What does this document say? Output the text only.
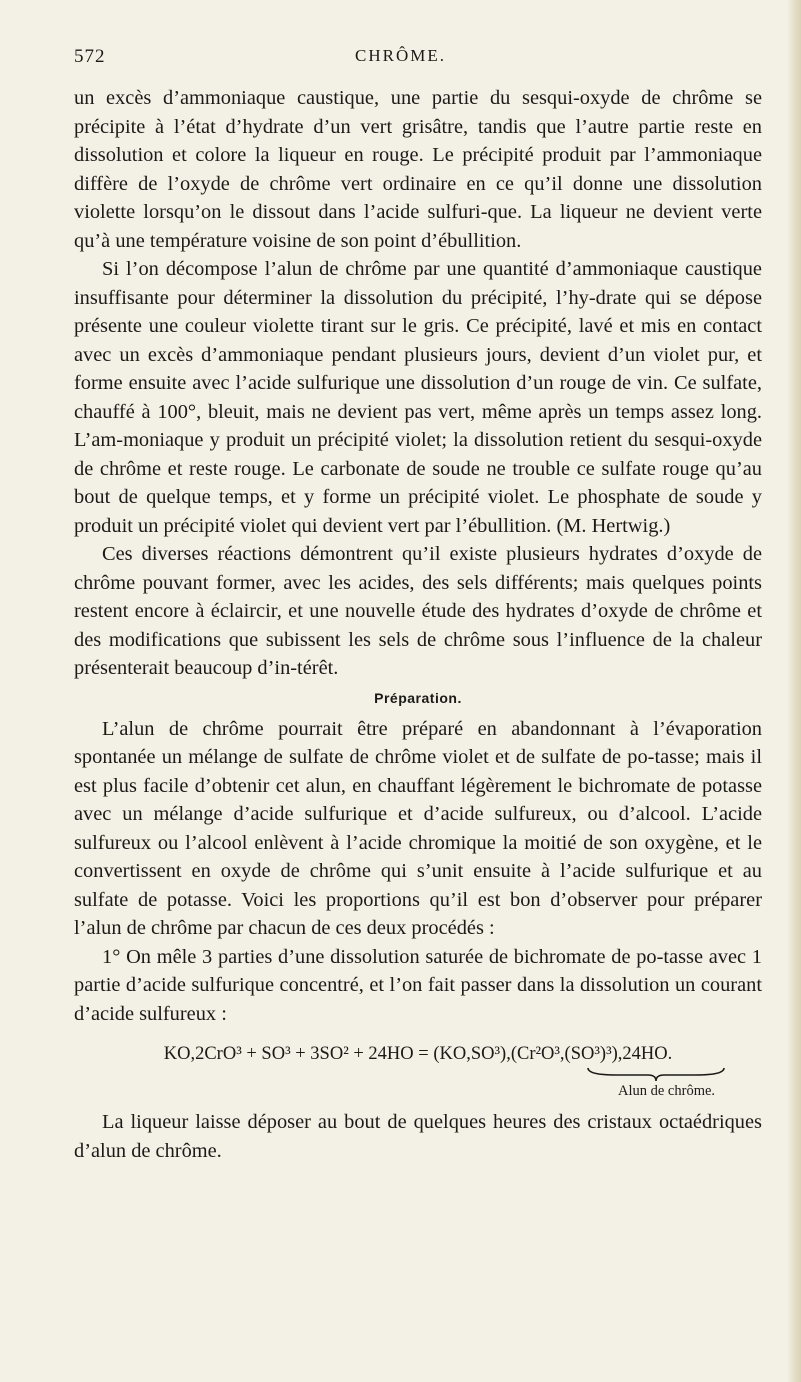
572	CHRÔME.

un excès d’ammoniaque caustique, une partie du sesqui-oxyde de chrôme se précipite à l’état d’hydrate d’un vert grisâtre, tandis que l’autre partie reste en dissolution et colore la liqueur en rouge. Le précipité produit par l’ammoniaque diffère de l’oxyde de chrôme vert ordinaire en ce qu’il donne une dissolution violette lorsqu’on le dissout dans l’acide sulfuri-que. La liqueur ne devient verte qu’à une température voisine de son point d’ébullition.

Si l’on décompose l’alun de chrôme par une quantité d’ammoniaque caustique insuffisante pour déterminer la dissolution du précipité, l’hy-drate qui se dépose présente une couleur violette tirant sur le gris. Ce précipité, lavé et mis en contact avec un excès d’ammoniaque pendant plusieurs jours, devient d’un violet pur, et forme ensuite avec l’acide sulfurique une dissolution d’un rouge de vin. Ce sulfate, chauffé à 100°, bleuit, mais ne devient pas vert, même après un temps assez long. L’am-moniaque y produit un précipité violet; la dissolution retient du sesqui-oxyde de chrôme et reste rouge. Le carbonate de soude ne trouble ce sulfate rouge qu’au bout de quelque temps, et y forme un précipité violet. Le phosphate de soude y produit un précipité violet qui devient vert par l’ébullition. (M. Hertwig.)

Ces diverses réactions démontrent qu’il existe plusieurs hydrates d’oxyde de chrôme pouvant former, avec les acides, des sels différents; mais quelques points restent encore à éclaircir, et une nouvelle étude des hydrates d’oxyde de chrôme et des modifications que subissent les sels de chrôme sous l’influence de la chaleur présenterait beaucoup d’in-térêt.

Préparation.

L’alun de chrôme pourrait être préparé en abandonnant à l’évaporation spontanée un mélange de sulfate de chrôme violet et de sulfate de po-tasse; mais il est plus facile d’obtenir cet alun, en chauffant légèrement le bichromate de potasse avec un mélange d’acide sulfurique et d’acide sulfureux, ou d’alcool. L’acide sulfureux ou l’alcool enlèvent à l’acide chromique la moitié de son oxygène, et le convertissent en oxyde de chrôme qui s’unit ensuite à l’acide sulfurique et au sulfate de potasse. Voici les proportions qu’il est bon d’observer pour préparer l’alun de chrôme par chacun de ces deux procédés :

1° On mêle 3 parties d’une dissolution saturée de bichromate de po-tasse avec 1 partie d’acide sulfurique concentré, et l’on fait passer dans la dissolution un courant d’acide sulfureux :

KO,2CrO³ + SO³ + 3SO² + 24HO = (KO,SO³),(Cr²O³,(SO³)³),24HO.
Alun de chrôme.

La liqueur laisse déposer au bout de quelques heures des cristaux octaédriques d’alun de chrôme.
